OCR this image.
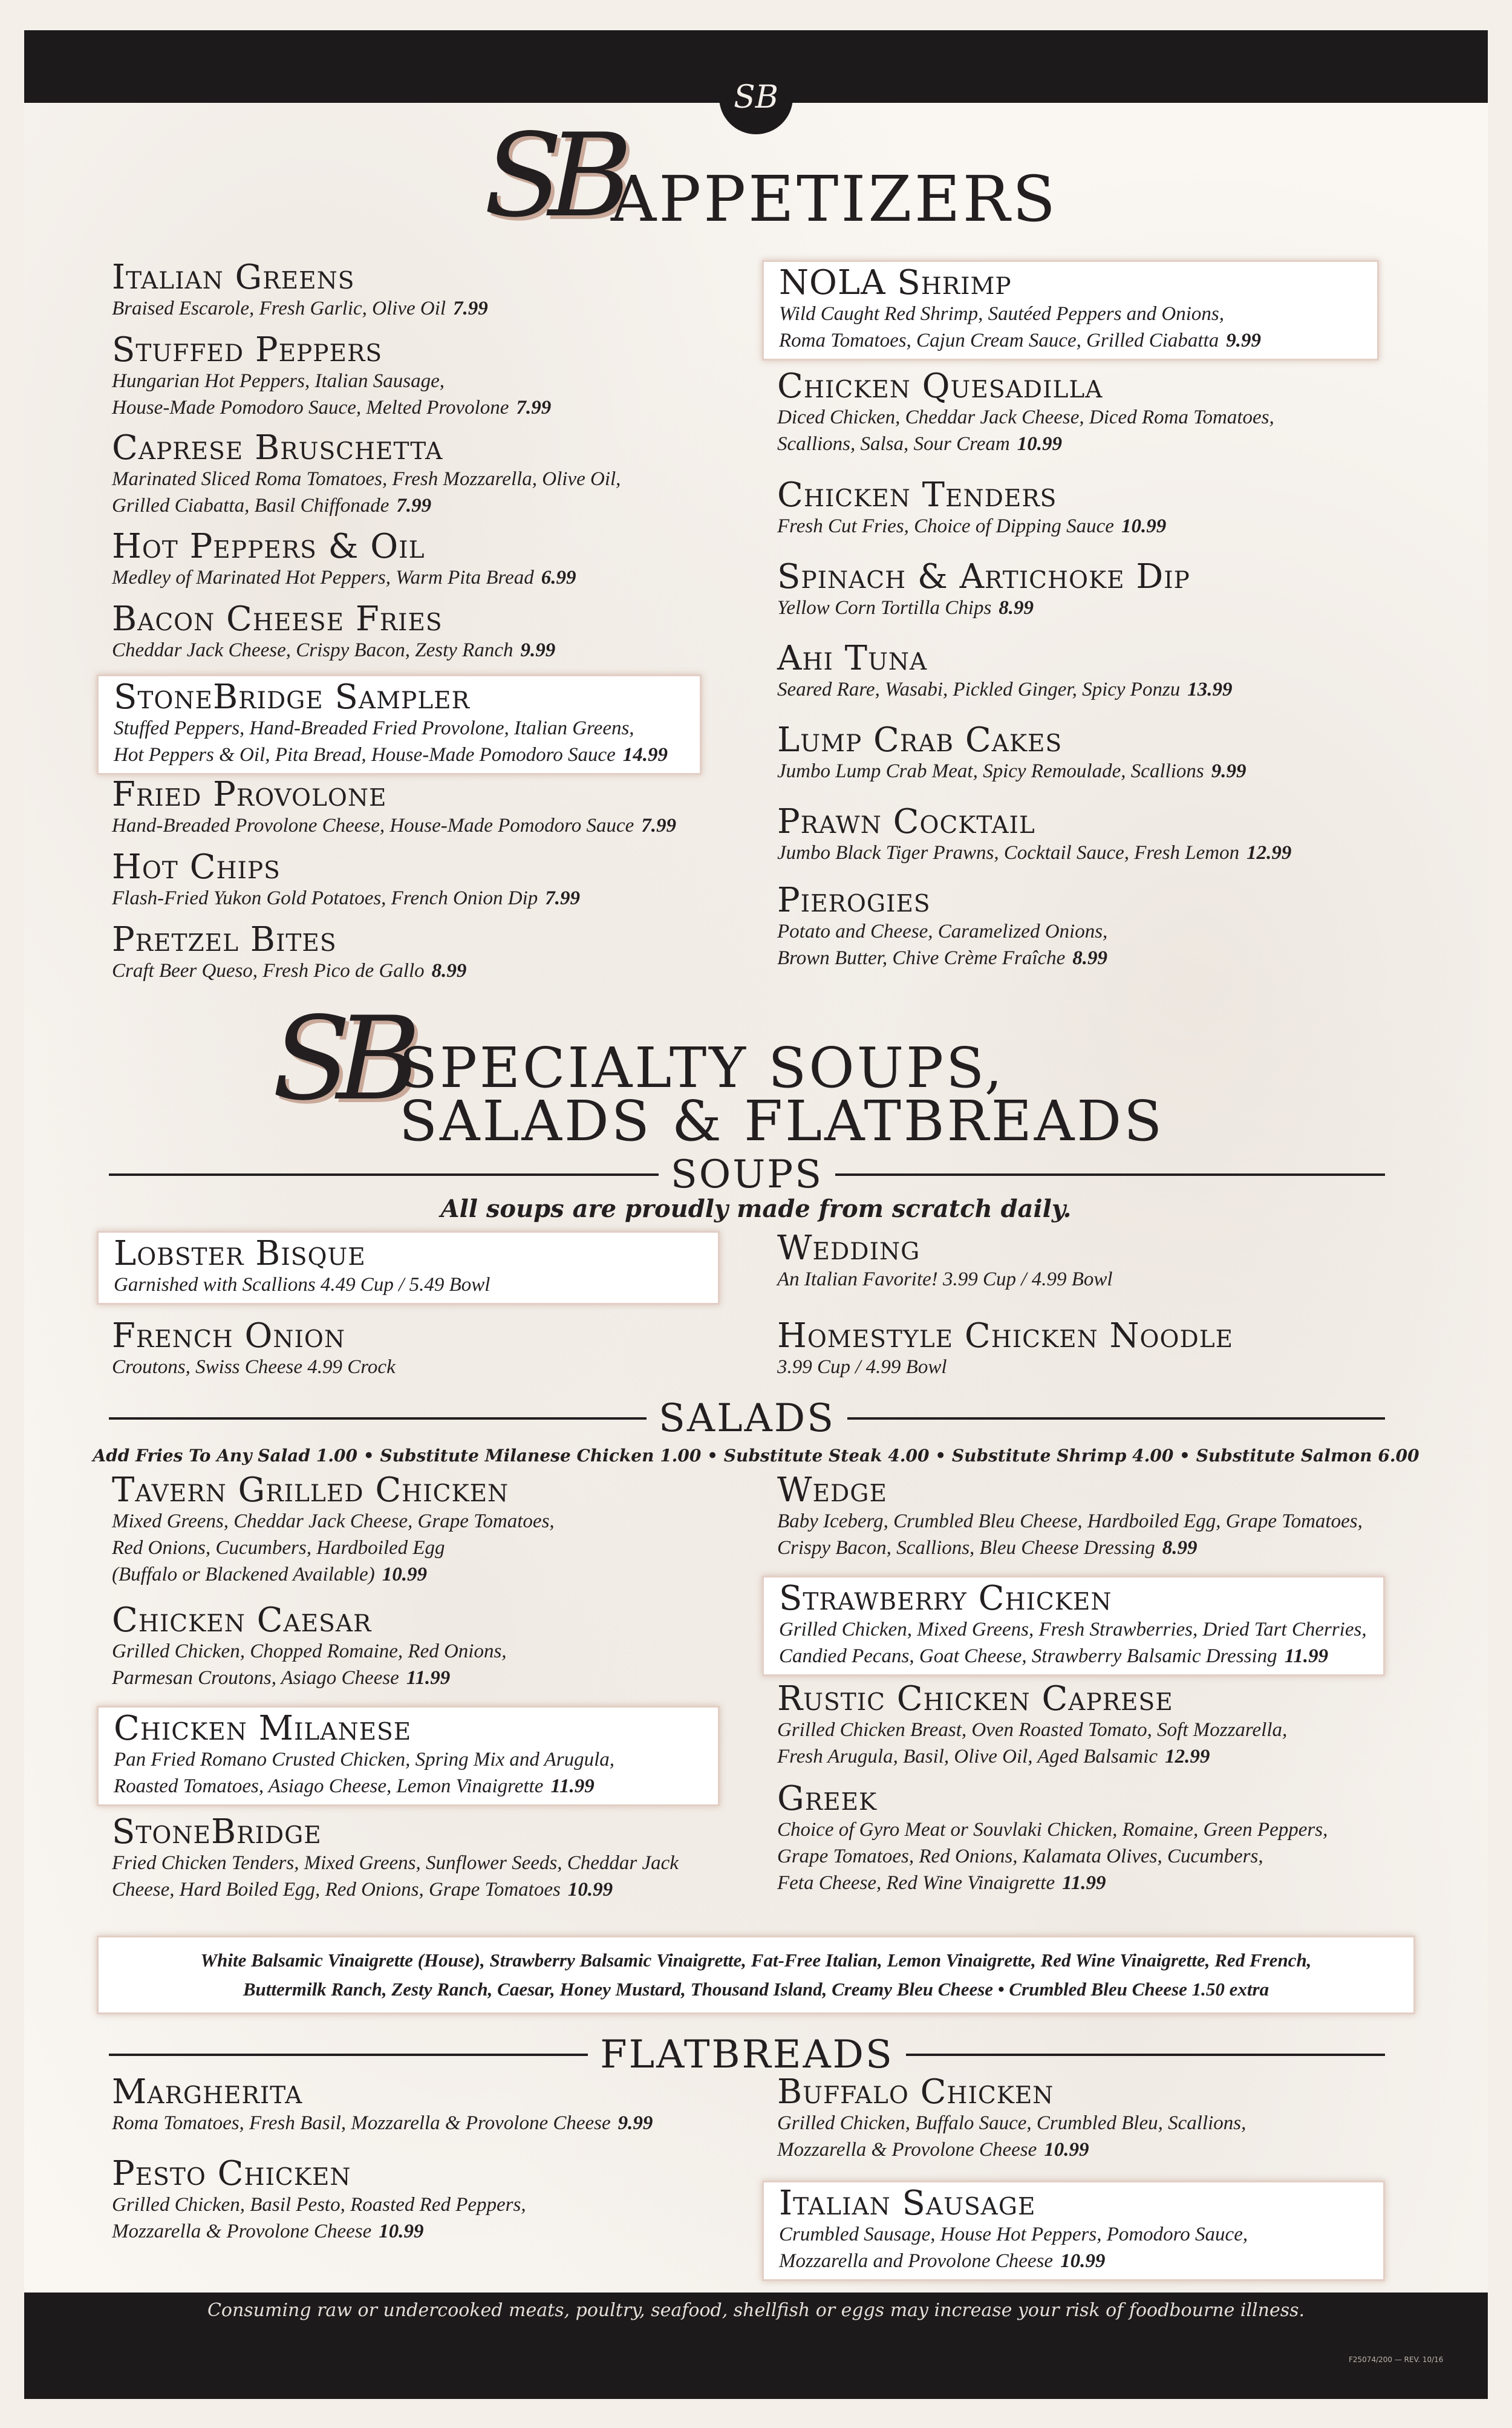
SB
SB
APPETIZERS
Italian Greens
Braised Escarole, Fresh Garlic, Olive Oil 7.99
Stuffed Peppers
Hungarian Hot Peppers, Italian Sausage,
House-Made Pomodoro Sauce, Melted Provolone 7.99
Caprese Bruschetta
Marinated Sliced Roma Tomatoes, Fresh Mozzarella, Olive Oil,
Grilled Ciabatta, Basil Chiffonade 7.99
Hot Peppers & Oil
Medley of Marinated Hot Peppers, Warm Pita Bread 6.99
Bacon Cheese Fries
Cheddar Jack Cheese, Crispy Bacon, Zesty Ranch 9.99
StoneBridge Sampler
Stuffed Peppers, Hand-Breaded Fried Provolone, Italian Greens,
Hot Peppers & Oil, Pita Bread, House-Made Pomodoro Sauce 14.99
Fried Provolone
Hand-Breaded Provolone Cheese, House-Made Pomodoro Sauce 7.99
Hot Chips
Flash-Fried Yukon Gold Potatoes, French Onion Dip 7.99
Pretzel Bites
Craft Beer Queso, Fresh Pico de Gallo 8.99
NOLA Shrimp
Wild Caught Red Shrimp, Sautéed Peppers and Onions,
Roma Tomatoes, Cajun Cream Sauce, Grilled Ciabatta 9.99
Chicken Quesadilla
Diced Chicken, Cheddar Jack Cheese, Diced Roma Tomatoes,
Scallions, Salsa, Sour Cream 10.99
Chicken Tenders
Fresh Cut Fries, Choice of Dipping Sauce 10.99
Spinach & Artichoke Dip
Yellow Corn Tortilla Chips 8.99
Ahi Tuna
Seared Rare, Wasabi, Pickled Ginger, Spicy Ponzu 13.99
Lump Crab Cakes
Jumbo Lump Crab Meat, Spicy Remoulade, Scallions 9.99
Prawn Cocktail
Jumbo Black Tiger Prawns, Cocktail Sauce, Fresh Lemon 12.99
Pierogies
Potato and Cheese, Caramelized Onions,
Brown Butter, Chive Crème Fraîche 8.99
SB
SPECIALTY SOUPS,
SALADS & FLATBREADS
SOUPS
All soups are proudly made from scratch daily.
Lobster Bisque
Garnished with Scallions 4.49 Cup / 5.49 Bowl
French Onion
Croutons, Swiss Cheese 4.99 Crock
Wedding
An Italian Favorite! 3.99 Cup / 4.99 Bowl
Homestyle Chicken Noodle
3.99 Cup / 4.99 Bowl
SALADS
Add Fries To Any Salad 1.00 • Substitute Milanese Chicken 1.00 • Substitute Steak 4.00 • Substitute Shrimp 4.00 • Substitute Salmon 6.00
Tavern Grilled Chicken
Mixed Greens, Cheddar Jack Cheese, Grape Tomatoes,
Red Onions, Cucumbers, Hardboiled Egg
(Buffalo or Blackened Available) 10.99
Chicken Caesar
Grilled Chicken, Chopped Romaine, Red Onions,
Parmesan Croutons, Asiago Cheese 11.99
Chicken Milanese
Pan Fried Romano Crusted Chicken, Spring Mix and Arugula,
Roasted Tomatoes, Asiago Cheese, Lemon Vinaigrette 11.99
StoneBridge
Fried Chicken Tenders, Mixed Greens, Sunflower Seeds, Cheddar Jack
Cheese, Hard Boiled Egg, Red Onions, Grape Tomatoes 10.99
Wedge
Baby Iceberg, Crumbled Bleu Cheese, Hardboiled Egg, Grape Tomatoes,
Crispy Bacon, Scallions, Bleu Cheese Dressing 8.99
Strawberry Chicken
Grilled Chicken, Mixed Greens, Fresh Strawberries, Dried Tart Cherries,
Candied Pecans, Goat Cheese, Strawberry Balsamic Dressing 11.99
Rustic Chicken Caprese
Grilled Chicken Breast, Oven Roasted Tomato, Soft Mozzarella,
Fresh Arugula, Basil, Olive Oil, Aged Balsamic 12.99
Greek
Choice of Gyro Meat or Souvlaki Chicken, Romaine, Green Peppers,
Grape Tomatoes, Red Onions, Kalamata Olives, Cucumbers,
Feta Cheese, Red Wine Vinaigrette 11.99
White Balsamic Vinaigrette (House), Strawberry Balsamic Vinaigrette, Fat-Free Italian, Lemon Vinaigrette, Red Wine Vinaigrette, Red French,
Buttermilk Ranch, Zesty Ranch, Caesar, Honey Mustard, Thousand Island, Creamy Bleu Cheese • Crumbled Bleu Cheese 1.50 extra
FLATBREADS
Margherita
Roma Tomatoes, Fresh Basil, Mozzarella & Provolone Cheese 9.99
Pesto Chicken
Grilled Chicken, Basil Pesto, Roasted Red Peppers,
Mozzarella & Provolone Cheese 10.99
Buffalo Chicken
Grilled Chicken, Buffalo Sauce, Crumbled Bleu, Scallions,
Mozzarella & Provolone Cheese 10.99
Italian Sausage
Crumbled Sausage, House Hot Peppers, Pomodoro Sauce,
Mozzarella and Provolone Cheese 10.99
Consuming raw or undercooked meats, poultry, seafood, shellfish or eggs may increase your risk of foodbourne illness.
F25074/200 — REV. 10/16
